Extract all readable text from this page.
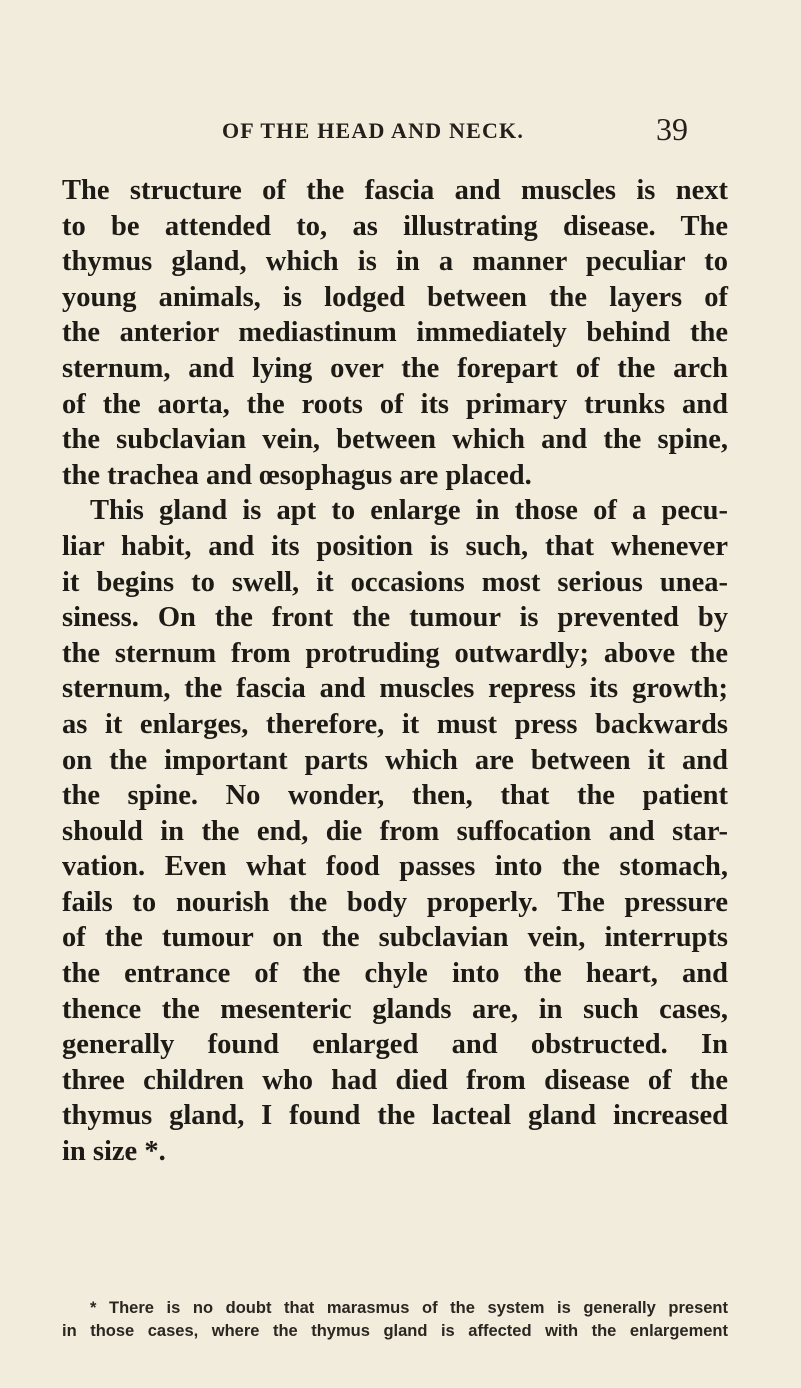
OF THE HEAD AND NECK.	39
The structure of the fascia and muscles is next
to be attended to, as illustrating disease. The
thymus gland, which is in a manner peculiar to
young animals, is lodged between the layers of
the anterior mediastinum immediately behind the
sternum, and lying over the forepart of the arch
of the aorta, the roots of its primary trunks and
the subclavian vein, between which and the spine,
the trachea and œsophagus are placed.
This gland is apt to enlarge in those of a pecu-
liar habit, and its position is such, that whenever
it begins to swell, it occasions most serious unea-
siness. On the front the tumour is prevented by
the sternum from protruding outwardly; above the
sternum, the fascia and muscles repress its growth;
as it enlarges, therefore, it must press backwards
on the important parts which are between it and
the spine. No wonder, then, that the patient
should in the end, die from suffocation and star-
vation. Even what food passes into the stomach,
fails to nourish the body properly. The pressure
of the tumour on the subclavian vein, interrupts
the entrance of the chyle into the heart, and
thence the mesenteric glands are, in such cases,
generally found enlarged and obstructed. In
three children who had died from disease of the
thymus gland, I found the lacteal gland increased
in size *.
* There is no doubt that marasmus of the system is generally present
in those cases, where the thymus gland is affected with the enlargement
